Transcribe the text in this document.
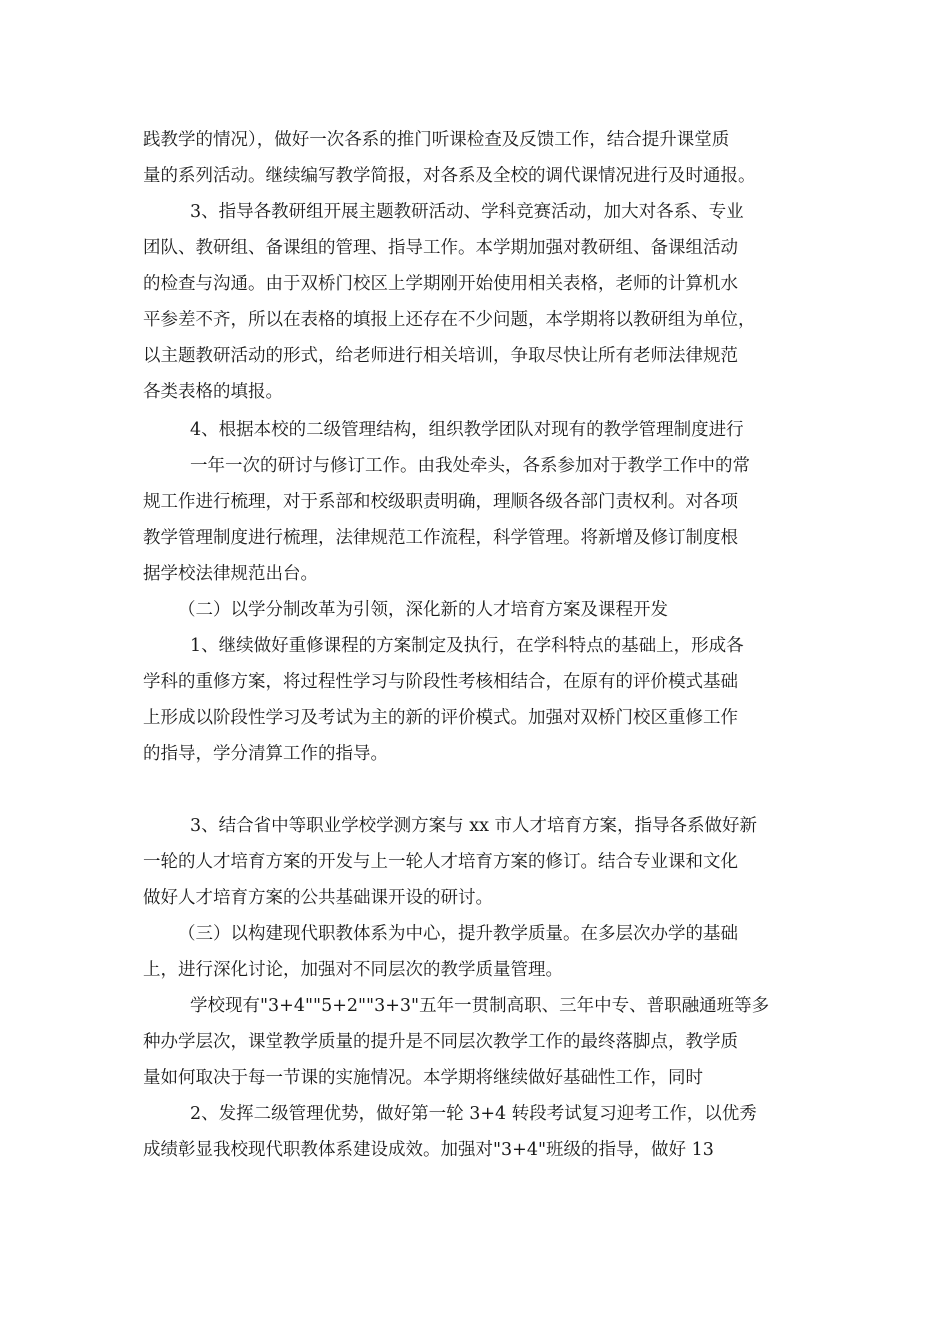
践教学的情况），做好一次各系的推门听课检查及反馈工作，结合提升课堂质
量的系列活动。继续编写教学简报，对各系及全校的调代课情况进行及时通报。
3、指导各教研组开展主题教研活动、学科竞赛活动，加大对各系、专业
团队、教研组、备课组的管理、指导工作。本学期加强对教研组、备课组活动
的检查与沟通。由于双桥门校区上学期刚开始使用相关表格，老师的计算机水
平参差不齐，所以在表格的填报上还存在不少问题，本学期将以教研组为单位，
以主题教研活动的形式，给老师进行相关培训，争取尽快让所有老师法律规范
各类表格的填报。
4、根据本校的二级管理结构，组织教学团队对现有的教学管理制度进行
一年一次的研讨与修订工作。由我处牵头，各系参加对于教学工作中的常
规工作进行梳理，对于系部和校级职责明确，理顺各级各部门责权利。对各项
教学管理制度进行梳理，法律规范工作流程，科学管理。将新增及修订制度根
据学校法律规范出台。
（二）以学分制改革为引领，深化新的人才培育方案及课程开发
1、继续做好重修课程的方案制定及执行，在学科特点的基础上，形成各
学科的重修方案，将过程性学习与阶段性考核相结合，在原有的评价模式基础
上形成以阶段性学习及考试为主的新的评价模式。加强对双桥门校区重修工作
的指导，学分清算工作的指导。
3、结合省中等职业学校学测方案与 xx 市人才培育方案，指导各系做好新
一轮的人才培育方案的开发与上一轮人才培育方案的修订。结合专业课和文化
做好人才培育方案的公共基础课开设的研讨。
（三）以构建现代职教体系为中心，提升教学质量。在多层次办学的基础
上，进行深化讨论，加强对不同层次的教学质量管理。
学校现有"3+4""5+2""3+3"五年一贯制高职、三年中专、普职融通班等多
种办学层次，课堂教学质量的提升是不同层次教学工作的最终落脚点，教学质
量如何取决于每一节课的实施情况。本学期将继续做好基础性工作，同时
2、发挥二级管理优势，做好第一轮 3+4 转段考试复习迎考工作，以优秀
成绩彰显我校现代职教体系建设成效。加强对"3+4"班级的指导，做好 13
